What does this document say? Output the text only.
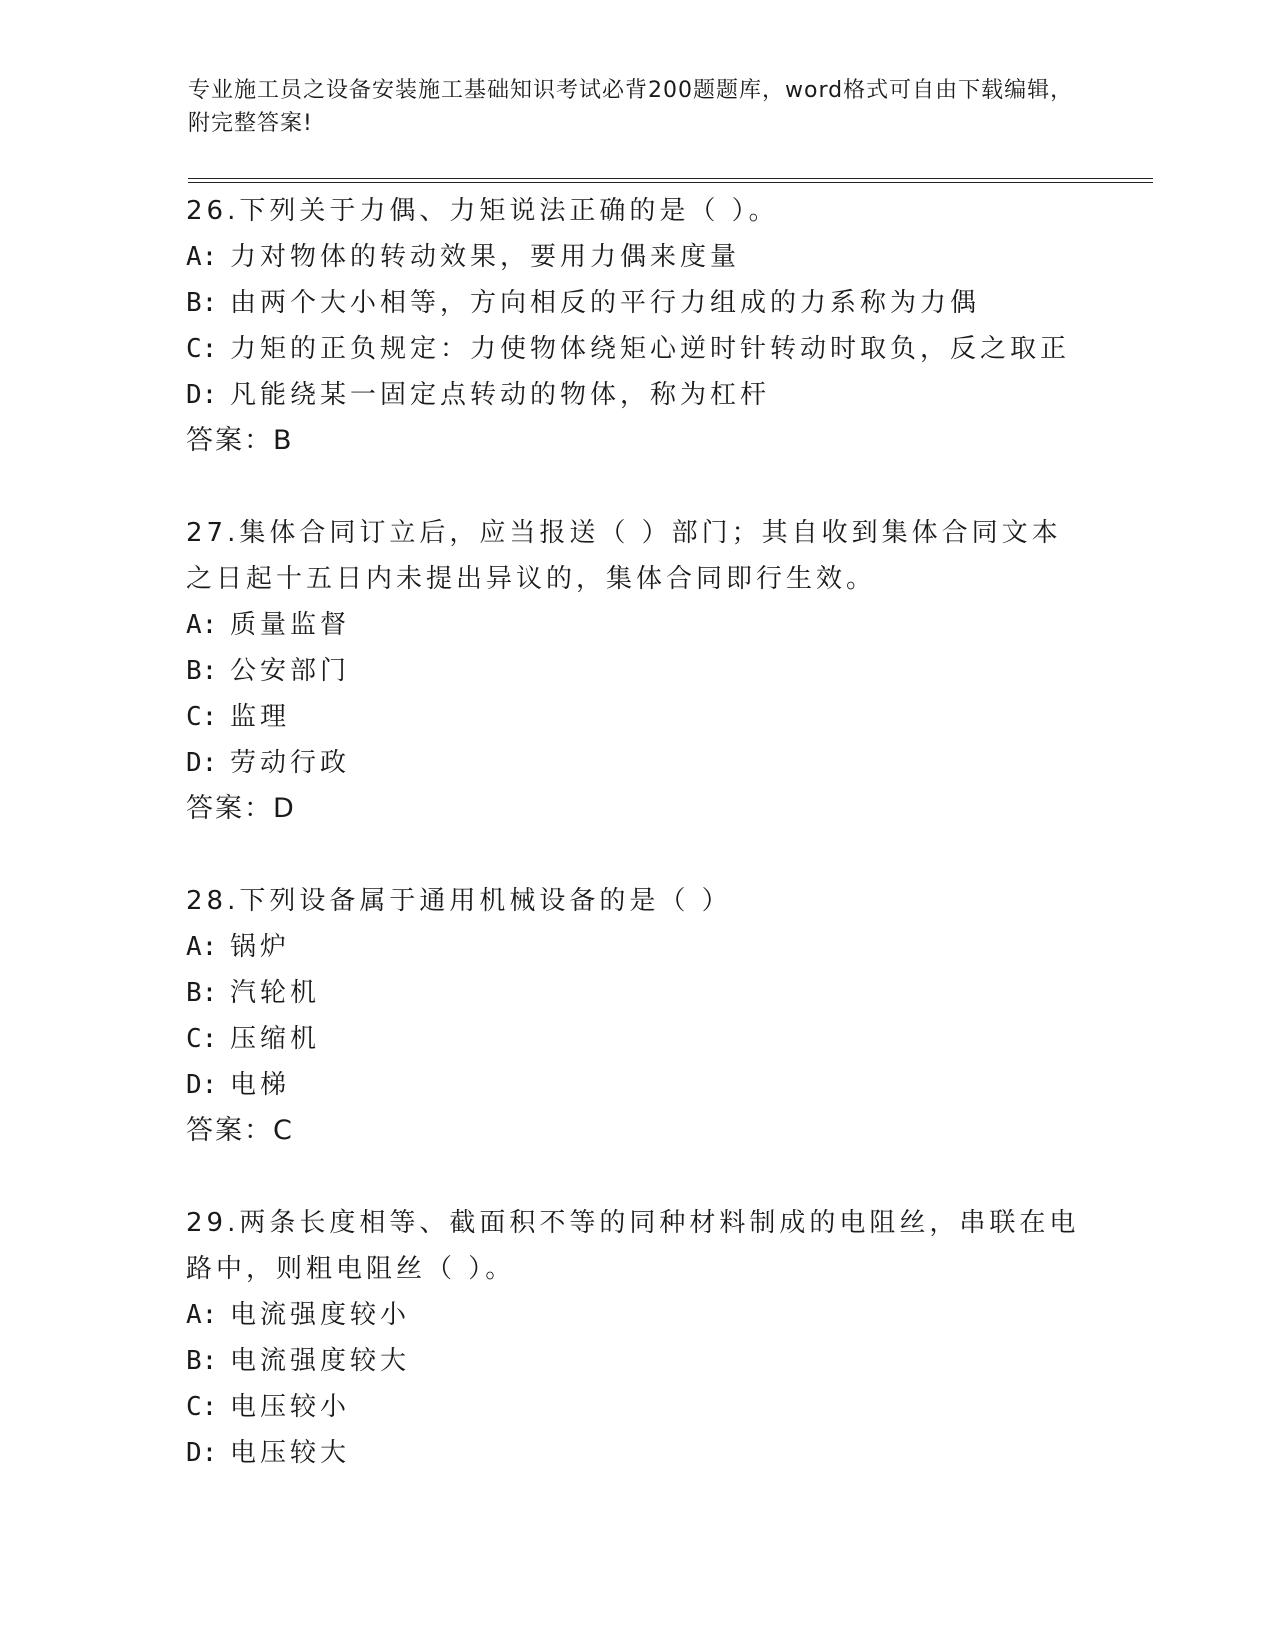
专业施工员之设备安装施工基础知识考试必背200题题库，word格式可自由下载编辑，附完整答案!
26.下列关于力偶、力矩说法正确的是（ ）。
A: 力对物体的转动效果，要用力偶来度量
B: 由两个大小相等，方向相反的平行力组成的力系称为力偶
C: 力矩的正负规定：力使物体绕矩心逆时针转动时取负，反之取正
D: 凡能绕某一固定点转动的物体，称为杠杆
答案：B
27.集体合同订立后，应当报送（ ）部门；其自收到集体合同文本之日起十五日内未提出异议的，集体合同即行生效。
A: 质量监督
B: 公安部门
C: 监理
D: 劳动行政
答案：D
28.下列设备属于通用机械设备的是（ ）
A: 锅炉
B: 汽轮机
C: 压缩机
D: 电梯
答案：C
29.两条长度相等、截面积不等的同种材料制成的电阻丝，串联在电路中，则粗电阻丝（ ）。
A: 电流强度较小
B: 电流强度较大
C: 电压较小
D: 电压较大
